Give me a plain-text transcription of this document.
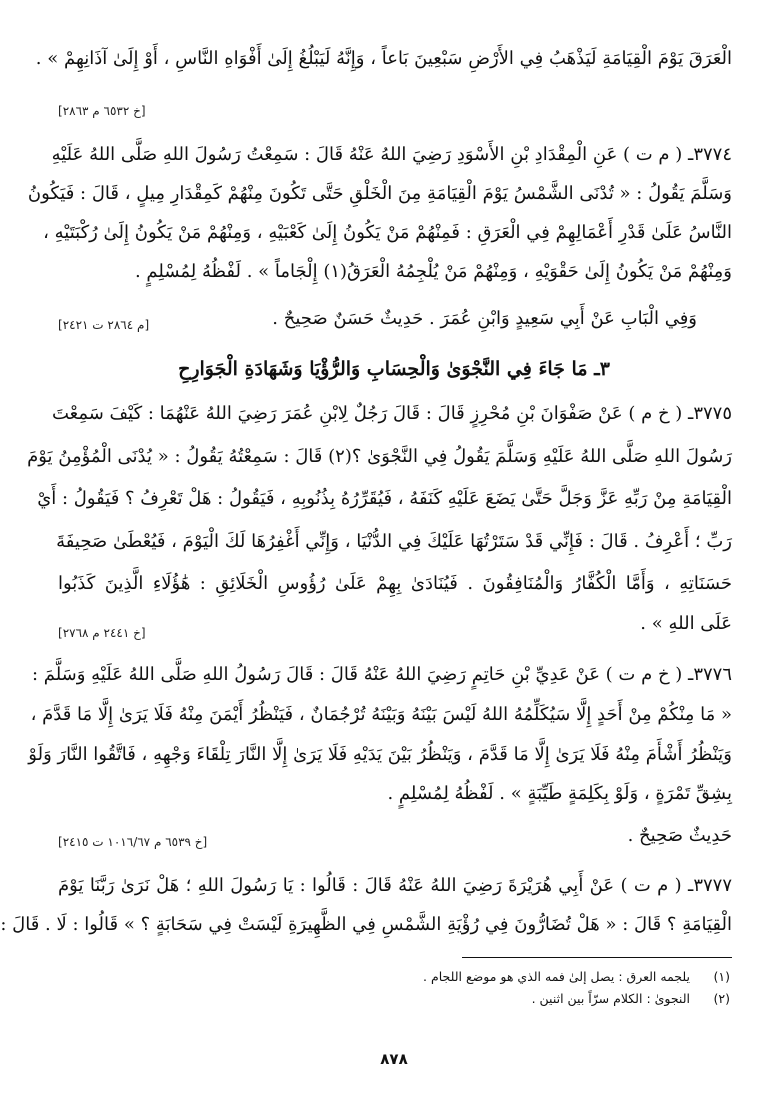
الْعَرَقَ يَوْمَ الْقِيَامَةِ لَيَذْهَبُ فِي الأَرْضِ سَبْعِينَ بَاعاً ، وَإِنَّهُ لَيَبْلُغُ إِلَىٰ أَفْوَاهِ النَّاسِ ، أَوْ إِلَىٰ آذَانِهِمْ » .
[خ ٦٥٣٢ م ٢٨٦٣]
٣٧٧٤ـ ( م ت ) عَنِ الْمِقْدَادِ بْنِ الأَسْوَدِ رَضِيَ اللهُ عَنْهُ قَالَ : سَمِعْتُ رَسُولَ اللهِ صَلَّى اللهُ عَلَيْهِ
وَسَلَّمَ يَقُولُ : « تُدْنَى الشَّمْسُ يَوْمَ الْقِيَامَةِ مِنَ الْخَلْقِ حَتَّى تَكُونَ مِنْهُمْ كَمِقْدَارِ مِيلٍ ، قَالَ : فَيَكُونُ
النَّاسُ عَلَىٰ قَدْرِ أَعْمَالِهِمْ فِي الْعَرَقِ : فَمِنْهُمْ مَنْ يَكُونُ إِلَىٰ كَعْبَيْهِ ، وَمِنْهُمْ مَنْ يَكُونُ إِلَىٰ رُكْبَتَيْهِ ،
وَمِنْهُمْ مَنْ يَكُونُ إِلَىٰ حَقْوَيْهِ ، وَمِنْهُمْ مَنْ يُلْجِمُهُ الْعَرَقُ(١) إِلْجَاماً » . لَفْظُهُ لِمُسْلِمٍ .
وَفِي الْبَابِ عَنْ أَبِي سَعِيدٍ وَابْنِ عُمَرَ . حَدِيثٌ حَسَنٌ صَحِيحٌ .
[م ٢٨٦٤ ت ٢٤٢١]
٣ـ مَا جَاءَ فِي النَّجْوَىٰ وَالْحِسَابِ وَالرُّؤْيَا وَشَهَادَةِ الْجَوَارِحِ
٣٧٧٥ـ ( خ م ) عَنْ صَفْوَانَ بْنِ مُحْرِزٍ قَالَ : قَالَ رَجُلٌ لِابْنِ عُمَرَ رَضِيَ اللهُ عَنْهُمَا : كَيْفَ سَمِعْتَ
رَسُولَ اللهِ صَلَّى اللهُ عَلَيْهِ وَسَلَّمَ يَقُولُ فِي النَّجْوَىٰ ؟(٢) قَالَ : سَمِعْتُهُ يَقُولُ : « يُدْنَى الْمُؤْمِنُ يَوْمَ
الْقِيَامَةِ مِنْ رَبِّهِ عَزَّ وَجَلَّ حَتَّىٰ يَضَعَ عَلَيْهِ كَنَفَهُ ، فَيُقَرِّرُهُ بِذُنُوبِهِ ، فَيَقُولُ : هَلْ تَعْرِفُ ؟ فَيَقُولُ : أَيْ
رَبِّ ؛ أَعْرِفُ . قَالَ : فَإِنِّي قَدْ سَتَرْتُهَا عَلَيْكَ فِي الدُّنْيَا ، وَإِنِّي أَغْفِرُهَا لَكَ الْيَوْمَ ، فَيُعْطَىٰ صَحِيفَةَ
حَسَنَاتِهِ ، وَأَمَّا الْكُفَّارُ وَالْمُنَافِقُونَ . فَيُنَادَىٰ بِهِمْ عَلَىٰ رُؤُوسِ الْخَلَائِقِ : هَٰؤُلَاءِ الَّذِينَ كَذَبُوا
عَلَى اللهِ » .
[خ ٢٤٤١ م ٢٧٦٨]
٣٧٧٦ـ ( خ م ت ) عَنْ عَدِيِّ بْنِ حَاتِمٍ رَضِيَ اللهُ عَنْهُ قَالَ : قَالَ رَسُولُ اللهِ صَلَّى اللهُ عَلَيْهِ وَسَلَّمَ :
« مَا مِنْكُمْ مِنْ أَحَدٍ إِلَّا سَيُكَلِّمُهُ اللهُ لَيْسَ بَيْنَهُ وَبَيْنَهُ تُرْجُمَانٌ ، فَيَنْظُرُ أَيْمَنَ مِنْهُ فَلَا يَرَىٰ إِلَّا مَا قَدَّمَ ،
وَيَنْظُرُ أَشْأَمَ مِنْهُ فَلَا يَرَىٰ إِلَّا مَا قَدَّمَ ، وَيَنْظُرُ بَيْنَ يَدَيْهِ فَلَا يَرَىٰ إِلَّا النَّارَ تِلْقَاءَ وَجْهِهِ ، فَاتَّقُوا النَّارَ وَلَوْ
بِشِقِّ تَمْرَةٍ ، وَلَوْ بِكَلِمَةٍ طَيِّبَةٍ » . لَفْظُهُ لِمُسْلِمٍ .
حَدِيثٌ صَحِيحٌ .
[خ ٦٥٣٩ م ١٠١٦/٦٧ ت ٢٤١٥]
٣٧٧٧ـ ( م ت ) عَنْ أَبِي هُرَيْرَةَ رَضِيَ اللهُ عَنْهُ قَالَ : قَالُوا : يَا رَسُولَ اللهِ ؛ هَلْ نَرَىٰ رَبَّنَا يَوْمَ
الْقِيَامَةِ ؟ قَالَ : « هَلْ تُضَارُّونَ فِي رُؤْيَةِ الشَّمْسِ فِي الظَّهِيرَةِ لَيْسَتْ فِي سَحَابَةٍ ؟ » قَالُوا : لَا . قَالَ :
(١)يلجمه العرق : يصل إلىٰ فمه الذي هو موضع اللجام .
(٢)النجوىٰ : الكلام سرّاً بين اثنين .
٨٧٨
